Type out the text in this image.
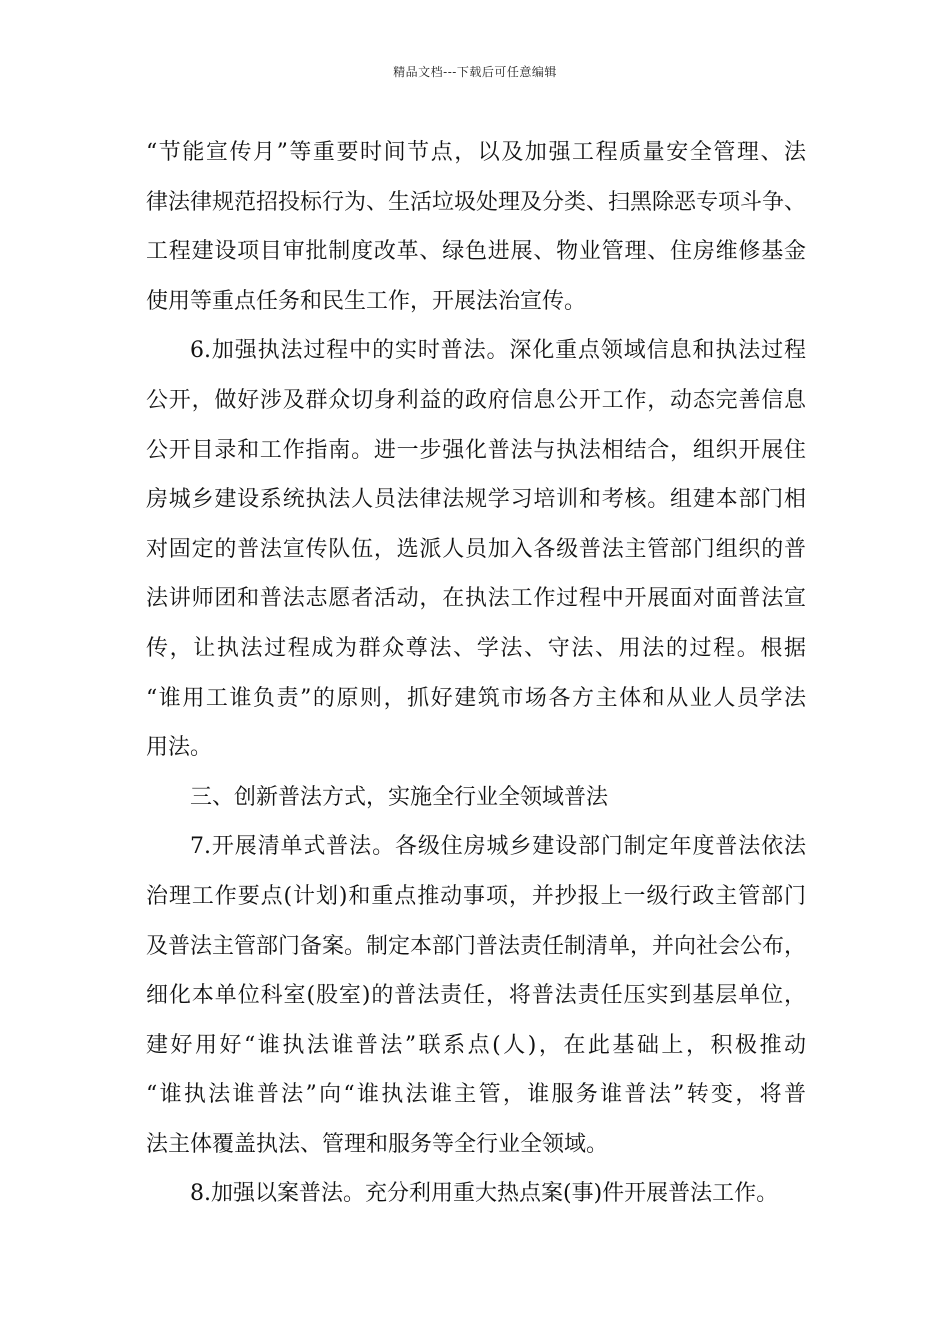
精品文档---下载后可任意编辑
“节能宣传月”等重要时间节点，以及加强工程质量安全管理、法
律法律规范招投标行为、生活垃圾处理及分类、扫黑除恶专项斗争、
工程建设项目审批制度改革、绿色进展、物业管理、住房维修基金
使用等重点任务和民生工作，开展法治宣传。
6.加强执法过程中的实时普法。深化重点领域信息和执法过程
公开，做好涉及群众切身利益的政府信息公开工作，动态完善信息
公开目录和工作指南。进一步强化普法与执法相结合，组织开展住
房城乡建设系统执法人员法律法规学习培训和考核。组建本部门相
对固定的普法宣传队伍，选派人员加入各级普法主管部门组织的普
法讲师团和普法志愿者活动，在执法工作过程中开展面对面普法宣
传，让执法过程成为群众尊法、学法、守法、用法的过程。根据
“谁用工谁负责”的原则，抓好建筑市场各方主体和从业人员学法
用法。
三、创新普法方式，实施全行业全领域普法
7.开展清单式普法。各级住房城乡建设部门制定年度普法依法
治理工作要点(计划)和重点推动事项，并抄报上一级行政主管部门
及普法主管部门备案。制定本部门普法责任制清单，并向社会公布，
细化本单位科室(股室)的普法责任，将普法责任压实到基层单位，
建好用好“谁执法谁普法”联系点(人)，在此基础上，积极推动
“谁执法谁普法”向“谁执法谁主管，谁服务谁普法”转变，将普
法主体覆盖执法、管理和服务等全行业全领域。
8.加强以案普法。充分利用重大热点案(事)件开展普法工作。
